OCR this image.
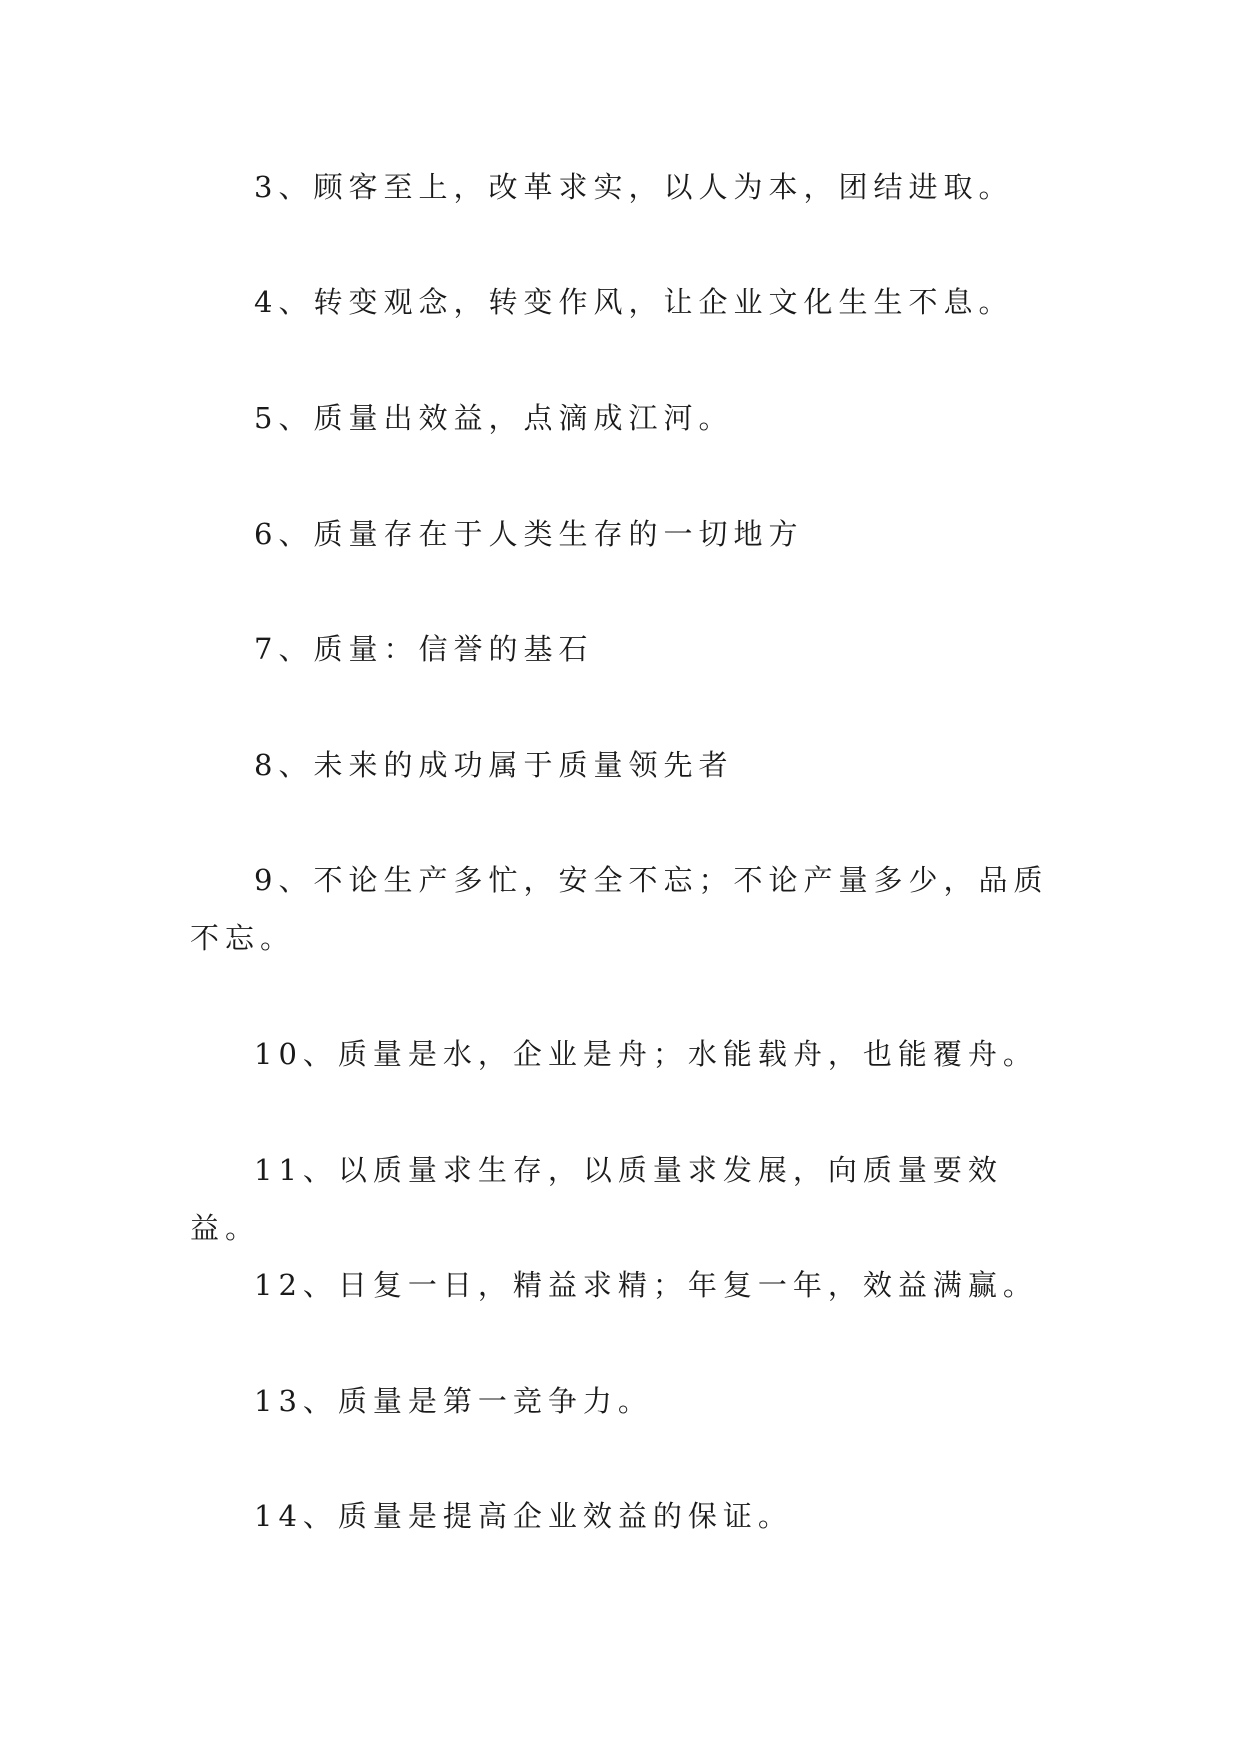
3、顾客至上，改革求实，以人为本，团结进取。

4、转变观念，转变作风，让企业文化生生不息。

5、质量出效益，点滴成江河。

6、质量存在于人类生存的一切地方

7、质量：信誉的基石

8、未来的成功属于质量领先者

9、不论生产多忙，安全不忘；不论产量多少，品质不忘。

10、质量是水，企业是舟；水能载舟，也能覆舟。

11、以质量求生存，以质量求发展，向质量要效益。

12、日复一日，精益求精；年复一年，效益满赢。

13、质量是第一竞争力。

14、质量是提高企业效益的保证。
